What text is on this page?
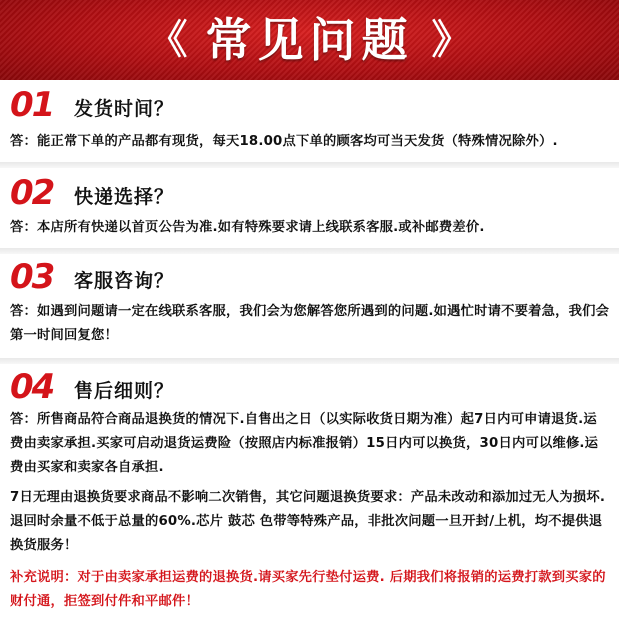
《 常见问题 》
01	发货时间？

答：能正常下单的产品都有现货，每天18.00点下单的顾客均可当天发货（特殊情况除外）.

02	快递选择？

答：本店所有快递以首页公告为准.如有特殊要求请上线联系客服.或补邮费差价.

03	客服咨询？

答：如遇到问题请一定在线联系客服，我们会为您解答您所遇到的问题.如遇忙时请不要着急，我们会第一时间回复您！

04	售后细则？

答：所售商品符合商品退换货的情况下.自售出之日（以实际收货日期为准）起7日内可申请退货.运费由卖家承担.买家可启动退货运费险（按照店内标准报销）15日内可以换货，30日内可以维修.运费由买家和卖家各自承担.

7日无理由退换货要求商品不影响二次销售，其它问题退换货要求：产品未改动和添加过无人为损坏.退回时余量不低于总量的60%.芯片 鼓芯 色带等特殊产品，非批次问题一旦开封/上机，均不提供退换货服务！

补充说明：对于由卖家承担运费的退换货.请买家先行垫付运费. 后期我们将报销的运费打款到买家的财付通，拒签到付件和平邮件！
